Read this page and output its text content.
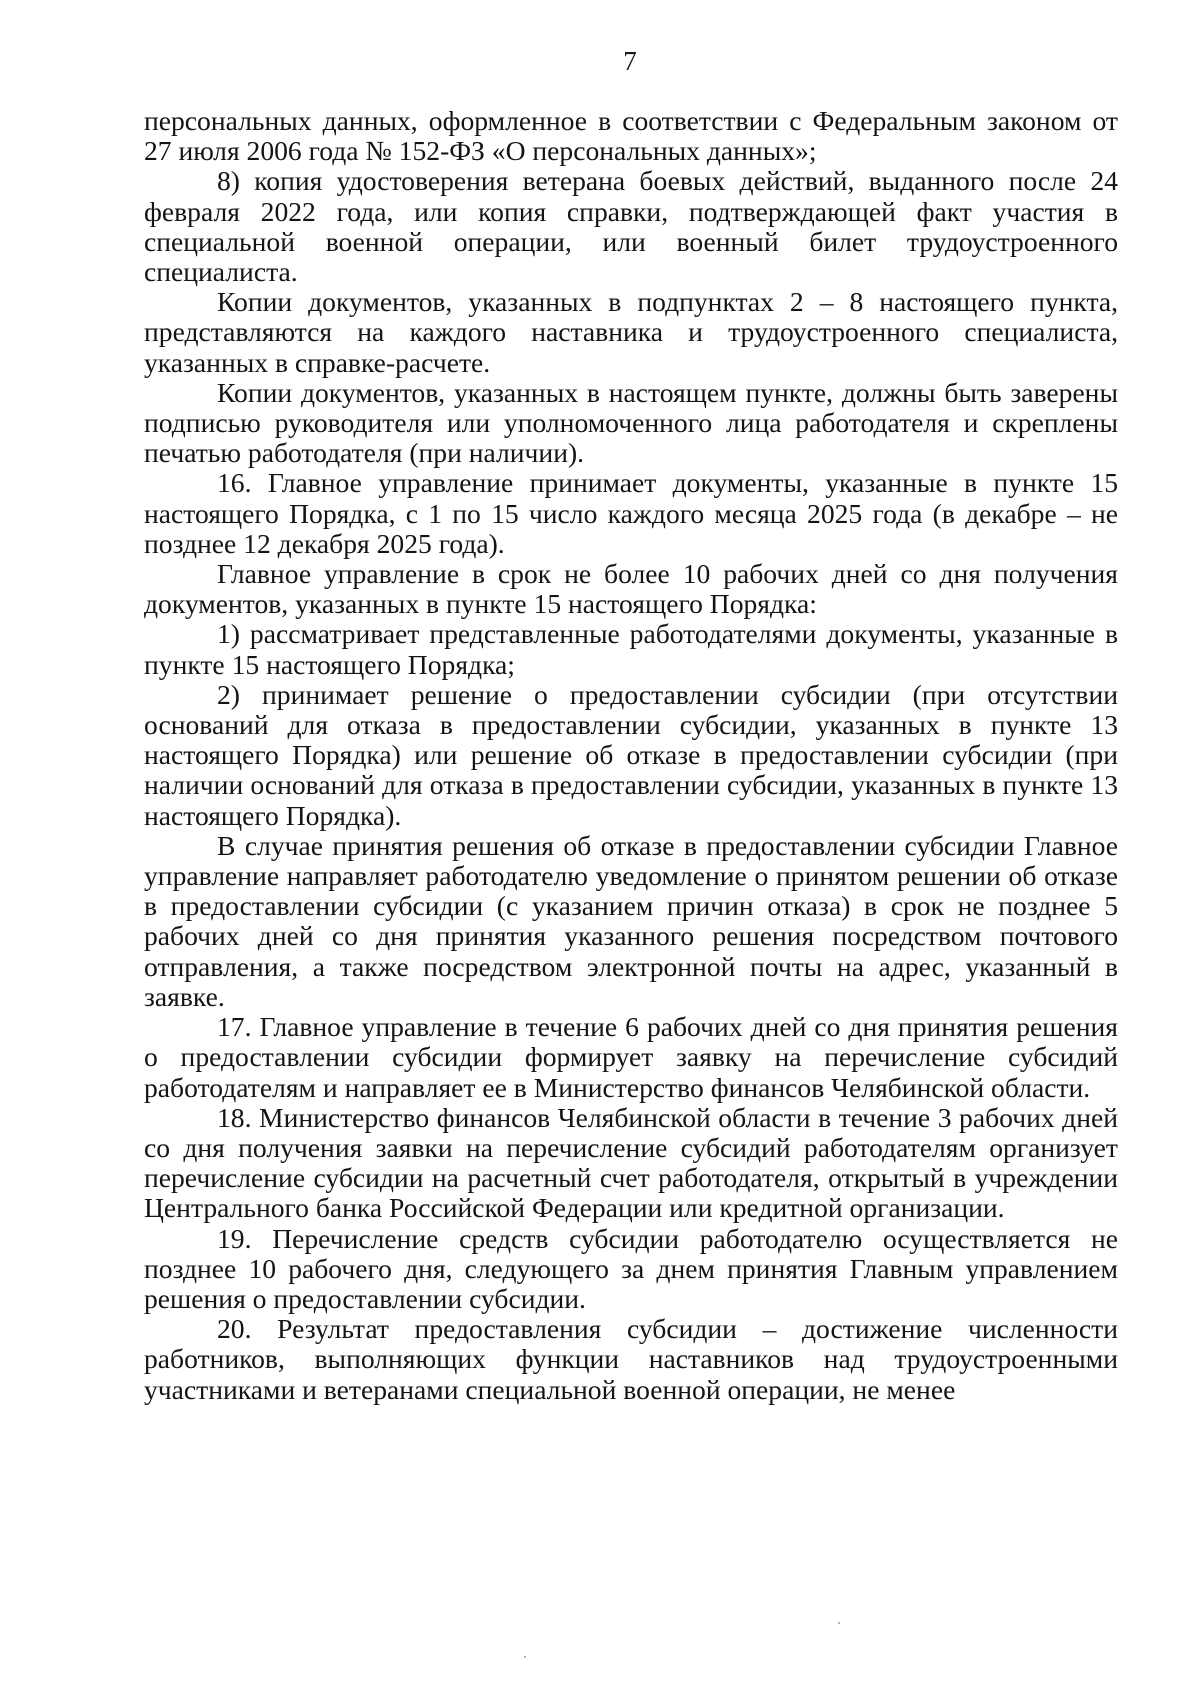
7

персональных данных, оформленное в соответствии с Федеральным законом от 27 июля 2006 года № 152-ФЗ «О персональных данных»;

8) копия удостоверения ветерана боевых действий, выданного после 24 февраля 2022 года, или копия справки, подтверждающей факт участия в специальной военной операции, или военный билет трудоустроенного специалиста.

Копии документов, указанных в подпунктах 2 – 8 настоящего пункта, представляются на каждого наставника и трудоустроенного специалиста, указанных в справке-расчете.

Копии документов, указанных в настоящем пункте, должны быть заверены подписью руководителя или уполномоченного лица работодателя и скреплены печатью работодателя (при наличии).

16. Главное управление принимает документы, указанные в пункте 15 настоящего Порядка, с 1 по 15 число каждого месяца 2025 года (в декабре – не позднее 12 декабря 2025 года).

Главное управление в срок не более 10 рабочих дней со дня получения документов, указанных в пункте 15 настоящего Порядка:

1) рассматривает представленные работодателями документы, указанные в пункте 15 настоящего Порядка;

2) принимает решение о предоставлении субсидии (при отсутствии оснований для отказа в предоставлении субсидии, указанных в пункте 13 настоящего Порядка) или решение об отказе в предоставлении субсидии (при наличии оснований для отказа в предоставлении субсидии, указанных в пункте 13 настоящего Порядка).

В случае принятия решения об отказе в предоставлении субсидии Главное управление направляет работодателю уведомление о принятом решении об отказе в предоставлении субсидии (с указанием причин отказа) в срок не позднее 5 рабочих дней со дня принятия указанного решения посредством почтового отправления, а также посредством электронной почты на адрес, указанный в заявке.

17. Главное управление в течение 6 рабочих дней со дня принятия решения о предоставлении субсидии формирует заявку на перечисление субсидий работодателям и направляет ее в Министерство финансов Челябинской области.

18. Министерство финансов Челябинской области в течение 3 рабочих дней со дня получения заявки на перечисление субсидий работодателям организует перечисление субсидии на расчетный счет работодателя, открытый в учреждении Центрального банка Российской Федерации или кредитной организации.

19. Перечисление средств субсидии работодателю осуществляется не позднее 10 рабочего дня, следующего за днем принятия Главным управлением решения о предоставлении субсидии.

20. Результат предоставления субсидии – достижение численности работников, выполняющих функции наставников над трудоустроенными участниками и ветеранами специальной военной операции, не менее
